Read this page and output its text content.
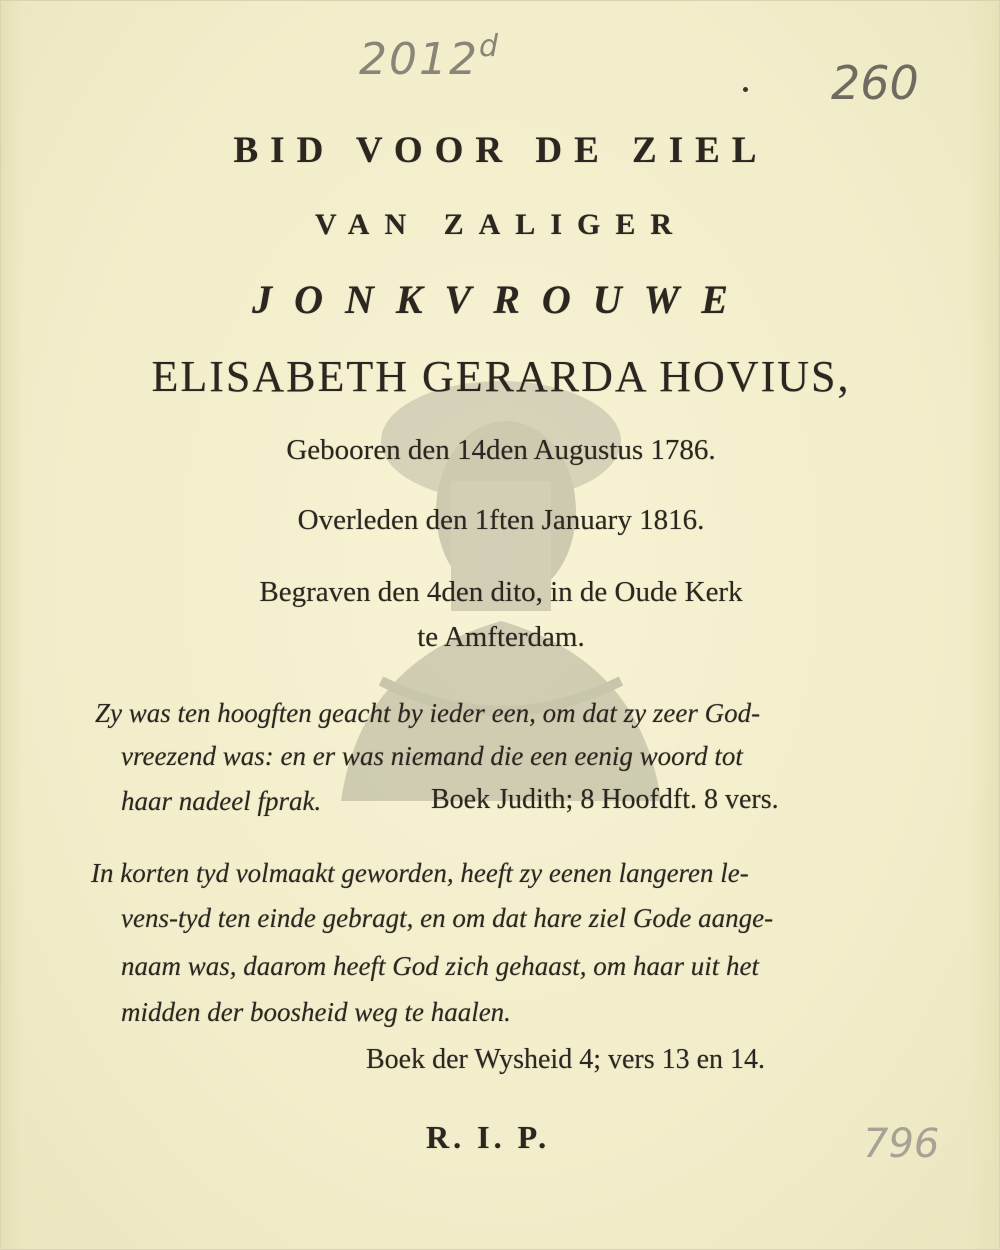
2012$^d$
260
BID VOOR DE ZIEL
VAN ZALIGER
JONKVROUWE
ELISABETH GERARDA HOVIUS,
Gebooren den 14den Augustus 1786.
Overleden den 1ften January 1816.
Begraven den 4den dito, in de Oude Kerk
te Amfterdam.
Zy was ten hoogften geacht by ieder een, om dat zy zeer God-
vreezend was: en er was niemand die een eenig woord tot
haar nadeel fprak.	Boek Judith; 8 Hoofdft. 8 vers.
In korten tyd volmaakt geworden, heeft zy eenen langeren le-
vens-tyd ten einde gebragt, en om dat hare ziel Gode aange-
naam was, daarom heeft God zich gehaast, om haar uit het
midden der boosheid weg te haalen.
Boek der Wysheid 4; vers 13 en 14.
R. I. P.	796
